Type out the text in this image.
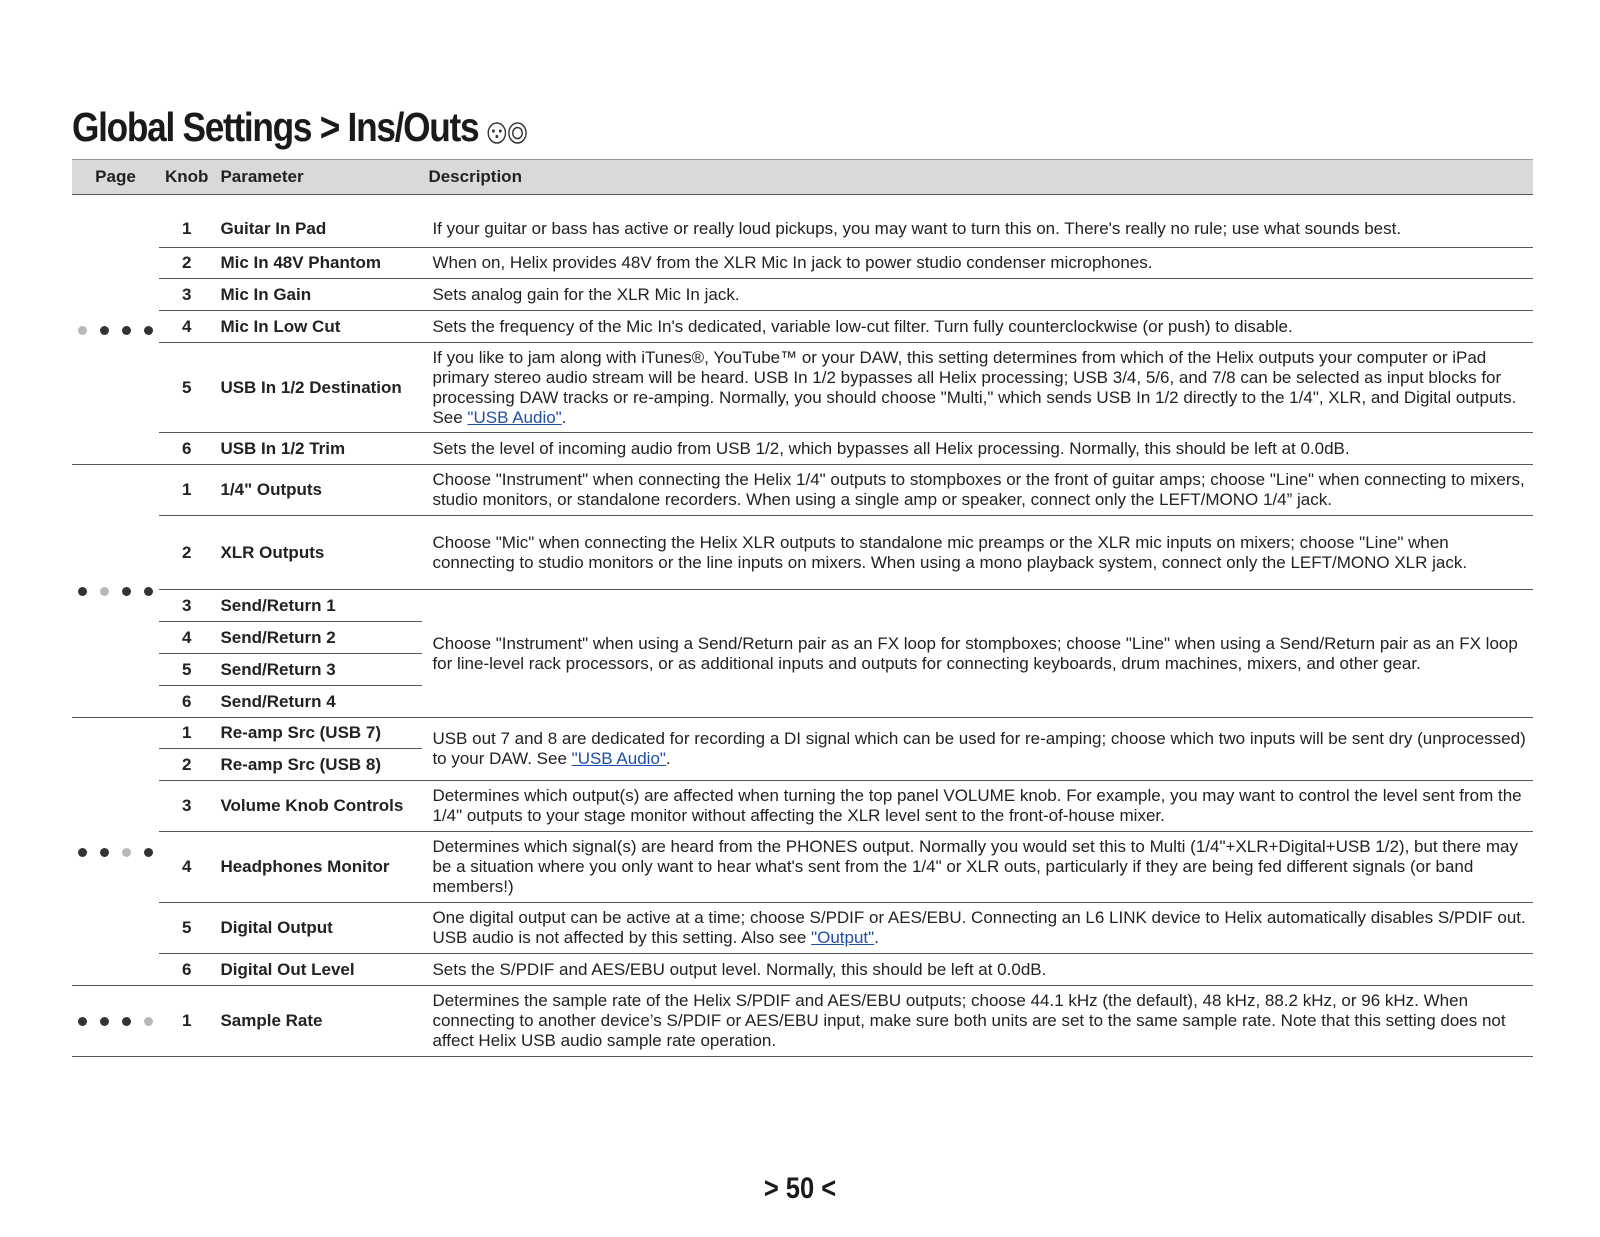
Global Settings > Ins/Outs
Page	Knob	Parameter	Description

	1	Guitar In Pad	If your guitar or bass has active or really loud pickups, you may want to turn this on. There's really no rule; use what sounds best.
	2	Mic In 48V Phantom	When on, Helix provides 48V from the XLR Mic In jack to power studio condenser microphones.
	3	Mic In Gain	Sets analog gain for the XLR Mic In jack.
	4	Mic In Low Cut	Sets the frequency of the Mic In's dedicated, variable low-cut filter. Turn fully counterclockwise (or push) to disable.
	5	USB In 1/2 Destination	If you like to jam along with iTunes®, YouTube™ or your DAW, this setting determines from which of the Helix outputs your computer or iPad primary stereo audio stream will be heard. USB In 1/2 bypasses all Helix processing; USB 3/4, 5/6, and 7/8 can be selected as input blocks for processing DAW tracks or re-amping. Normally, you should choose "Multi," which sends USB In 1/2 directly to the 1/4", XLR, and Digital outputs. See "USB Audio".
	6	USB In 1/2 Trim	Sets the level of incoming audio from USB 1/2, which bypasses all Helix processing. Normally, this should be left at 0.0dB.

	1	1/4" Outputs	Choose "Instrument" when connecting the Helix 1/4" outputs to stompboxes or the front of guitar amps; choose "Line" when connecting to mixers, studio monitors, or standalone recorders. When using a single amp or speaker, connect only the LEFT/MONO 1/4” jack.
	2	XLR Outputs	Choose "Mic" when connecting the Helix XLR outputs to standalone mic preamps or the XLR mic inputs on mixers; choose "Line" when connecting to studio monitors or the line inputs on mixers. When using a mono playback system, connect only the LEFT/MONO XLR jack.
	3	Send/Return 1	Choose "Instrument" when using a Send/Return pair as an FX loop for stompboxes; choose "Line" when using a Send/Return pair as an FX loop for line-level rack processors, or as additional inputs and outputs for connecting keyboards, drum machines, mixers, and other gear.
	4	Send/Return 2	
	5	Send/Return 3	
	6	Send/Return 4	

	1	Re-amp Src (USB 7)	USB out 7 and 8 are dedicated for recording a DI signal which can be used for re-amping; choose which two inputs will be sent dry (unprocessed) to your DAW. See "USB Audio".
	2	Re-amp Src (USB 8)	
	3	Volume Knob Controls	Determines which output(s) are affected when turning the top panel VOLUME knob. For example, you may want to control the level sent from the 1/4" outputs to your stage monitor without affecting the XLR level sent to the front-of-house mixer.
	4	Headphones Monitor	Determines which signal(s) are heard from the PHONES output. Normally you would set this to Multi (1/4"+XLR+Digital+USB 1/2), but there may be a situation where you only want to hear what's sent from the 1/4" or XLR outs, particularly if they are being fed different signals (or band members!)
	5	Digital Output	One digital output can be active at a time; choose S/PDIF or AES/EBU. Connecting an L6 LINK device to Helix automatically disables S/PDIF out. USB audio is not affected by this setting. Also see "Output".
	6	Digital Out Level	Sets the S/PDIF and AES/EBU output level. Normally, this should be left at 0.0dB.

	1	Sample Rate	Determines the sample rate of the Helix S/PDIF and AES/EBU outputs; choose 44.1 kHz (the default), 48 kHz, 88.2 kHz, or 96 kHz. When connecting to another device’s S/PDIF or AES/EBU input, make sure both units are set to the same sample rate. Note that this setting does not affect Helix USB audio sample rate operation.
> 50 <
